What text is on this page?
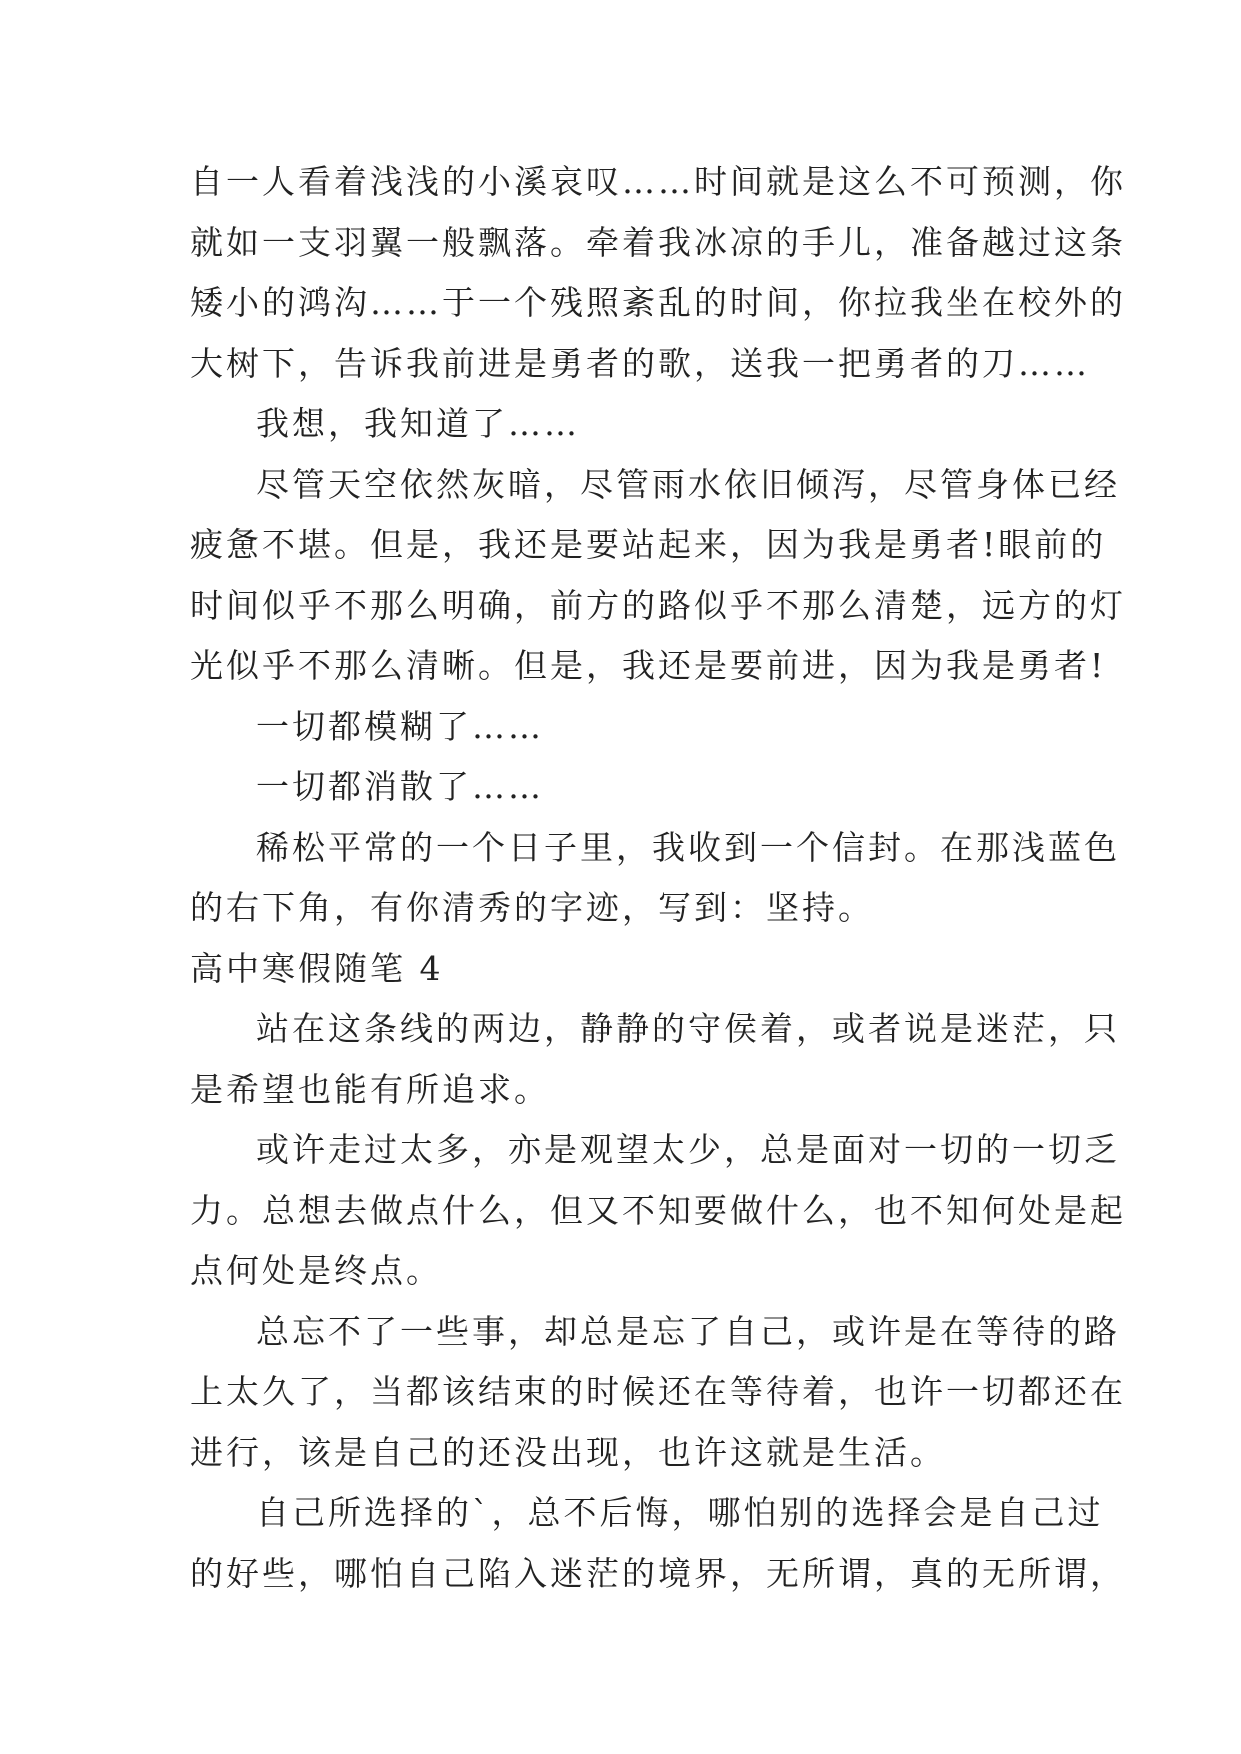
自一人看着浅浅的小溪哀叹……时间就是这么不可预测，你
就如一支羽翼一般飘落。牵着我冰凉的手儿，准备越过这条
矮小的鸿沟……于一个残照紊乱的时间，你拉我坐在校外的
大树下，告诉我前进是勇者的歌，送我一把勇者的刀……
我想，我知道了……
尽管天空依然灰暗，尽管雨水依旧倾泻，尽管身体已经
疲惫不堪。但是，我还是要站起来，因为我是勇者!眼前的
时间似乎不那么明确，前方的路似乎不那么清楚，远方的灯
光似乎不那么清晰。但是，我还是要前进，因为我是勇者!
一切都模糊了……
一切都消散了……
稀松平常的一个日子里，我收到一个信封。在那浅蓝色
的右下角，有你清秀的字迹，写到：坚持。
高中寒假随笔 4
站在这条线的两边，静静的守侯着，或者说是迷茫，只
是希望也能有所追求。
或许走过太多，亦是观望太少，总是面对一切的一切乏
力。总想去做点什么，但又不知要做什么，也不知何处是起
点何处是终点。
总忘不了一些事，却总是忘了自己，或许是在等待的路
上太久了，当都该结束的时候还在等待着，也许一切都还在
进行，该是自己的还没出现，也许这就是生活。
自己所选择的`，总不后悔，哪怕别的选择会是自己过
的好些，哪怕自己陷入迷茫的境界，无所谓，真的无所谓，
